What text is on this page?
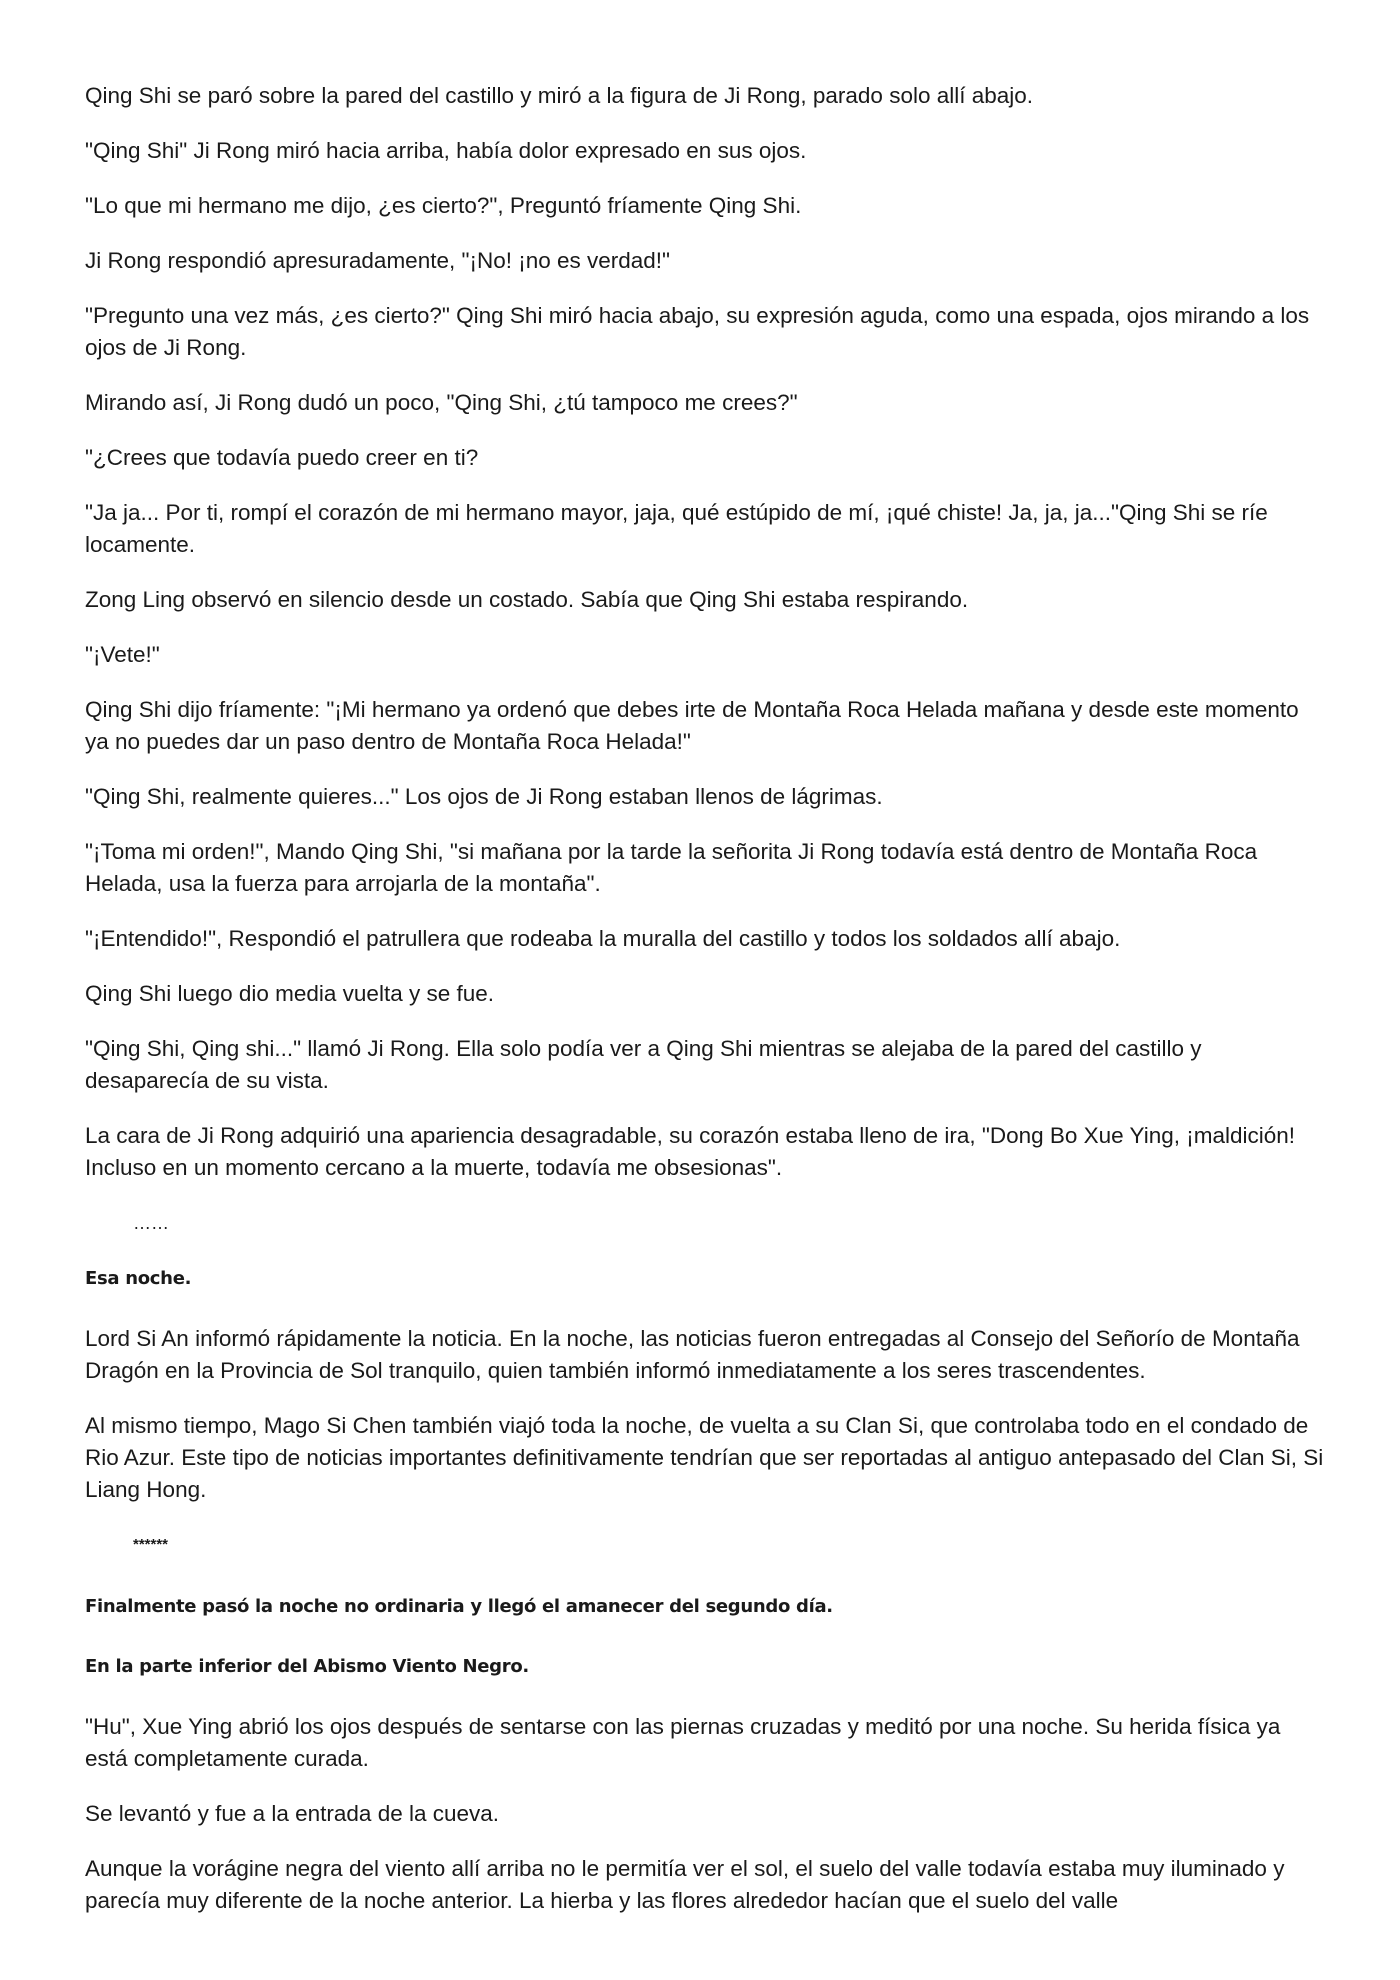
Qing Shi se paró sobre la pared del castillo y miró a la figura de Ji Rong, parado solo allí abajo.

"Qing Shi" Ji Rong miró hacia arriba, había dolor expresado en sus ojos.

"Lo que mi hermano me dijo, ¿es cierto?", Preguntó fríamente Qing Shi.

Ji Rong respondió apresuradamente, "¡No! ¡no es verdad!"

"Pregunto una vez más, ¿es cierto?" Qing Shi miró hacia abajo, su expresión aguda, como una espada, ojos mirando a los ojos de Ji Rong.

Mirando así, Ji Rong dudó un poco, "Qing Shi, ¿tú tampoco me crees?"

"¿Crees que todavía puedo creer en ti?

"Ja ja... Por ti, rompí el corazón de mi hermano mayor, jaja, qué estúpido de mí, ¡qué chiste! Ja, ja, ja..."Qing Shi se ríe locamente.

Zong Ling observó en silencio desde un costado. Sabía que Qing Shi estaba respirando.

"¡Vete!"

Qing Shi dijo fríamente: "¡Mi hermano ya ordenó que debes irte de Montaña Roca Helada mañana y desde este momento ya no puedes dar un paso dentro de Montaña Roca Helada!"

"Qing Shi, realmente quieres..." Los ojos de Ji Rong estaban llenos de lágrimas.

"¡Toma mi orden!", Mando Qing Shi, "si mañana por la tarde la señorita Ji Rong todavía está dentro de Montaña Roca Helada, usa la fuerza para arrojarla de la montaña".

"¡Entendido!", Respondió el patrullera que rodeaba la muralla del castillo y todos los soldados allí abajo.

Qing Shi luego dio media vuelta y se fue.

"Qing Shi, Qing shi..." llamó Ji Rong. Ella solo podía ver a Qing Shi mientras se alejaba de la pared del castillo y desaparecía de su vista.

La cara de Ji Rong adquirió una apariencia desagradable, su corazón estaba lleno de ira, "Dong Bo Xue Ying, ¡maldición! Incluso en un momento cercano a la muerte, todavía me obsesionas".

……

Esa noche.

Lord Si An informó rápidamente la noticia. En la noche, las noticias fueron entregadas al Consejo del Señorío de Montaña Dragón en la Provincia de Sol tranquilo, quien también informó inmediatamente a los seres trascendentes.

Al mismo tiempo, Mago Si Chen también viajó toda la noche, de vuelta a su Clan Si, que controlaba todo en el condado de Rio Azur. Este tipo de noticias importantes definitivamente tendrían que ser reportadas al antiguo antepasado del Clan Si, Si Liang Hong.

******

Finalmente pasó la noche no ordinaria y llegó el amanecer del segundo día.

En la parte inferior del Abismo Viento Negro.

"Hu", Xue Ying abrió los ojos después de sentarse con las piernas cruzadas y meditó por una noche. Su herida física ya está completamente curada.

Se levantó y fue a la entrada de la cueva.

Aunque la vorágine negra del viento allí arriba no le permitía ver el sol, el suelo del valle todavía estaba muy iluminado y parecía muy diferente de la noche anterior. La hierba y las flores alrededor hacían que el suelo del valle
